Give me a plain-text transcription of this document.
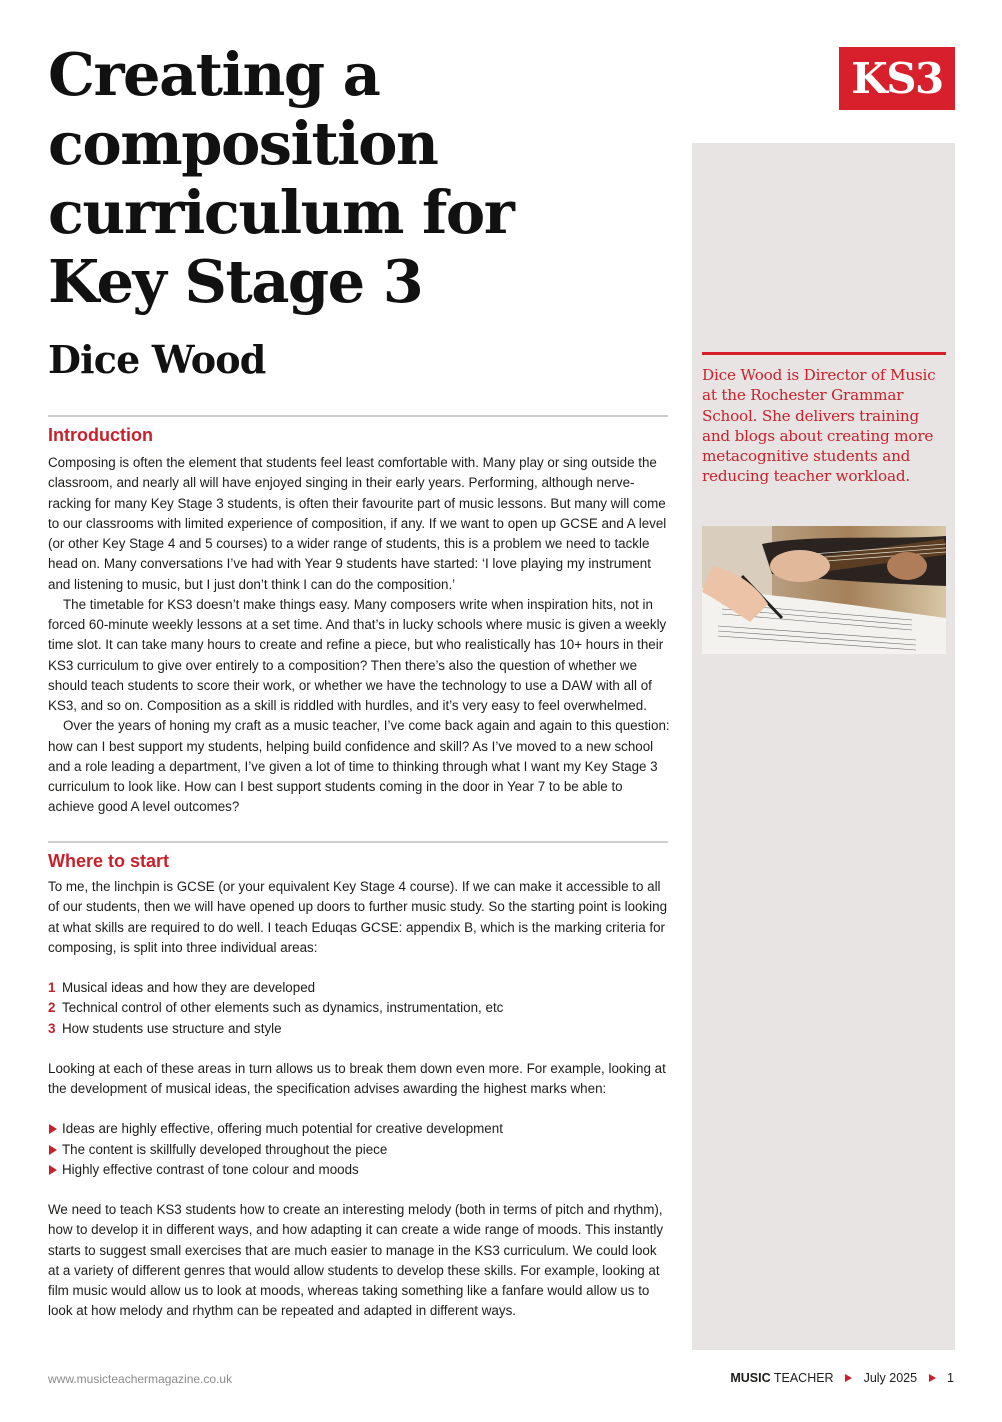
Creating a
composition
curriculum for
Key Stage 3
Dice Wood
KS3

Dice Wood is Director of Music at the Rochester Grammar School. She delivers training and blogs about creating more metacognitive students and reducing teacher workload.

Introduction

Composing is often the element that students feel least comfortable with. Many play or sing outside the classroom, and nearly all will have enjoyed singing in their early years. Performing, although nerve-racking for many Key Stage 3 students, is often their favourite part of music lessons. But many will come to our classrooms with limited experience of composition, if any. If we want to open up GCSE and A level (or other Key Stage 4 and 5 courses) to a wider range of students, this is a problem we need to tackle head on. Many conversations I’ve had with Year 9 students have started: ‘I love playing my instrument and listening to music, but I just don’t think I can do the composition.’

The timetable for KS3 doesn’t make things easy. Many composers write when inspiration hits, not in forced 60-minute weekly lessons at a set time. And that’s in lucky schools where music is given a weekly time slot. It can take many hours to create and refine a piece, but who realistically has 10+ hours in their KS3 curriculum to give over entirely to a composition? Then there’s also the question of whether we should teach students to score their work, or whether we have the technology to use a DAW with all of KS3, and so on. Composition as a skill is riddled with hurdles, and it’s very easy to feel overwhelmed.

Over the years of honing my craft as a music teacher, I’ve come back again and again to this question: how can I best support my students, helping build confidence and skill? As I’ve moved to a new school and a role leading a department, I’ve given a lot of time to thinking through what I want my Key Stage 3 curriculum to look like. How can I best support students coming in the door in Year 7 to be able to achieve good A level outcomes?

Where to start

To me, the linchpin is GCSE (or your equivalent Key Stage 4 course). If we can make it accessible to all of our students, then we will have opened up doors to further music study. So the starting point is looking at what skills are required to do well. I teach Eduqas GCSE: appendix B, which is the marking criteria for composing, is split into three individual areas:

1 Musical ideas and how they are developed
2 Technical control of other elements such as dynamics, instrumentation, etc
3 How students use structure and style

Looking at each of these areas in turn allows us to break them down even more. For example, looking at the development of musical ideas, the specification advises awarding the highest marks when:

Ideas are highly effective, offering much potential for creative development
The content is skillfully developed throughout the piece
Highly effective contrast of tone colour and moods

We need to teach KS3 students how to create an interesting melody (both in terms of pitch and rhythm), how to develop it in different ways, and how adapting it can create a wide range of moods. This instantly starts to suggest small exercises that are much easier to manage in the KS3 curriculum. We could look at a variety of different genres that would allow students to develop these skills. For example, looking at film music would allow us to look at moods, whereas taking something like a fanfare would allow us to look at how melody and rhythm can be repeated and adapted in different ways.

www.musicteachermagazine.co.uk	MUSIC TEACHER July 2025 1
